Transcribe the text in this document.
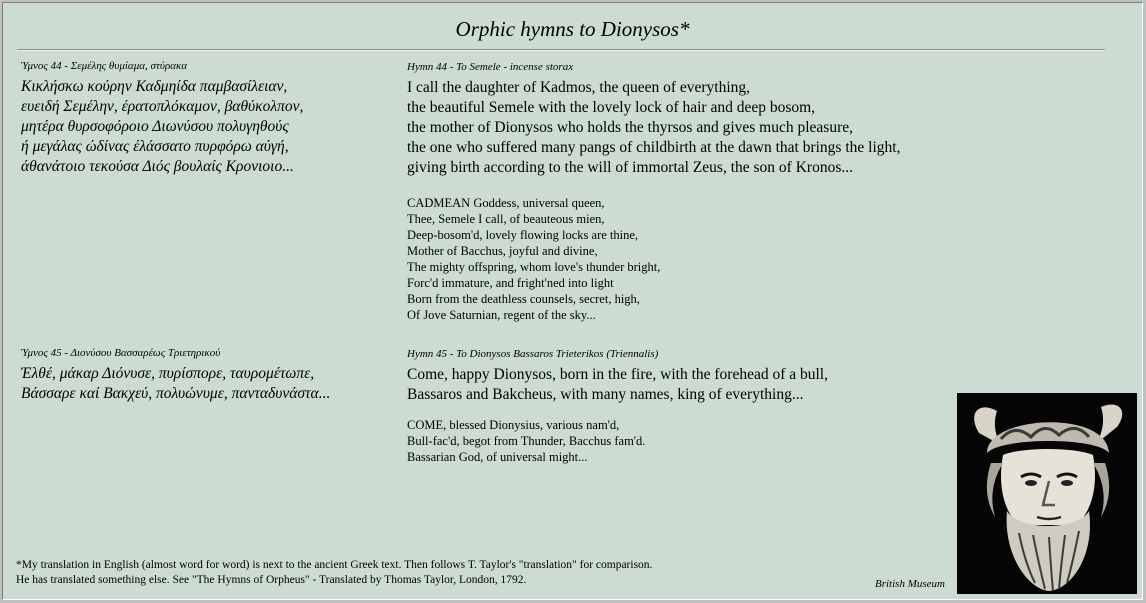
Orphic hymns to Dionysos*
Ύμνος 44 - Σεμέλης θυμίαμα, στύρακα
Κικλήσκω κούρην Καδμηίδα παμβασίλειαν,
ευειδή Σεμέλην, έρατοπλόκαμον, βαθύκολπον,
μητέρα θυρσοφόροιο Διωνύσου πολυγηθούς
ή μεγάλας ώδίνας έλάσσατο πυρφόρω αύγή,
άθανάτοιο τεκούσα Διός βουλαίς Κρονιοιο...
Hymn 44 - To Semele - incense storax
I call the daughter of Kadmos, the queen of everything,
the beautiful Semele with the lovely lock of hair and deep bosom,
the mother of Dionysos who holds the thyrsos and gives much pleasure,
the one who suffered many pangs of childbirth at the dawn that brings the light,
giving birth according to the will of immortal Zeus, the son of Kronos...
CADMEAN Goddess, universal queen,
Thee, Semele I call, of beauteous mien,
Deep-bosom'd, lovely flowing locks are thine,
Mother of Bacchus, joyful and divine,
The mighty offspring, whom love's thunder bright,
Forc'd immature, and fright'ned into light
Born from the deathless counsels, secret, high,
Of Jove Saturnian, regent of the sky...
Ύμνος 45 - Διονύσου Βασσαρέως Τριετηρικού
Έλθέ, μάκαρ Διόνυσε, πυρίσπορε, ταυρομέτωπε,
Βάσσαρε καί Βακχεύ, πολυώνυμε, πανταδυνάστα...
Hymn 45 - To Dionysos Bassaros Trieterikos (Triennalis)
Come, happy Dionysos, born in the fire, with the forehead of a bull,
Bassaros and Bakcheus, with many names, king of everything...
COME, blessed Dionysius, various nam'd,
Bull-fac'd, begot from Thunder, Bacchus fam'd.
Bassarian God, of universal might...
*My translation in English (almost word for word) is next to the ancient Greek text. Then follows T. Taylor's "translation" for comparison.
He has translated something else. See "The Hymns of Orpheus" - Translated by Thomas Taylor, London, 1792.	British Museum
